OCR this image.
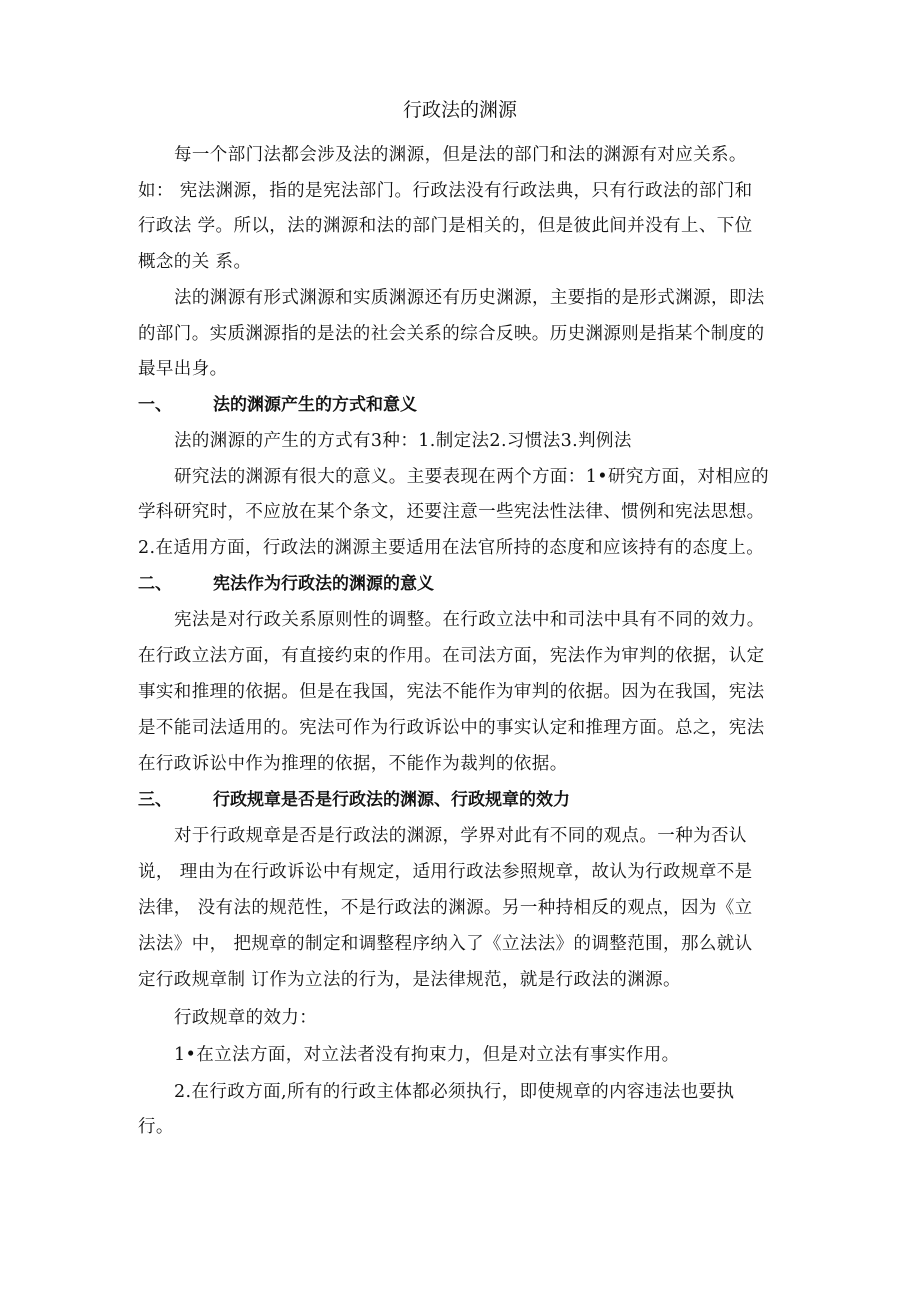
行政法的渊源
每一个部门法都会涉及法的渊源，但是法的部门和法的渊源有对应关系。
如： 宪法渊源，指的是宪法部门。行政法没有行政法典，只有行政法的部门和
行政法 学。所以，法的渊源和法的部门是相关的，但是彼此间并没有上、下位
概念的关 系。
法的渊源有形式渊源和实质渊源还有历史渊源，主要指的是形式渊源，即法
的部门。实质渊源指的是法的社会关系的综合反映。历史渊源则是指某个制度的
最早出身。
一、 法的渊源产生的方式和意义
法的渊源的产生的方式有3种：1.制定法2.习惯法3.判例法
研究法的渊源有很大的意义。主要表现在两个方面：1•研究方面，对相应的
学科研究时，不应放在某个条文，还要注意一些宪法性法律、惯例和宪法思想。
2.在适用方面，行政法的渊源主要适用在法官所持的态度和应该持有的态度上。
二、 宪法作为行政法的渊源的意义
宪法是对行政关系原则性的调整。在行政立法中和司法中具有不同的效力。
在行政立法方面，有直接约束的作用。在司法方面，宪法作为审判的依据，认定
事实和推理的依据。但是在我国，宪法不能作为审判的依据。因为在我国，宪法
是不能司法适用的。宪法可作为行政诉讼中的事实认定和推理方面。总之，宪法
在行政诉讼中作为推理的依据，不能作为裁判的依据。
三、 行政规章是否是行政法的渊源、行政规章的效力
对于行政规章是否是行政法的渊源，学界对此有不同的观点。一种为否认
说， 理由为在行政诉讼中有规定，适用行政法参照规章，故认为行政规章不是
法律， 没有法的规范性，不是行政法的渊源。另一种持相反的观点，因为《立
法法》中， 把规章的制定和调整程序纳入了《立法法》的调整范围，那么就认
定行政规章制 订作为立法的行为，是法律规范，就是行政法的渊源。
行政规章的效力：
1•在立法方面，对立法者没有拘束力，但是对立法有事实作用。
2.在行政方面,所有的行政主体都必须执行，即使规章的内容违法也要执
行。
